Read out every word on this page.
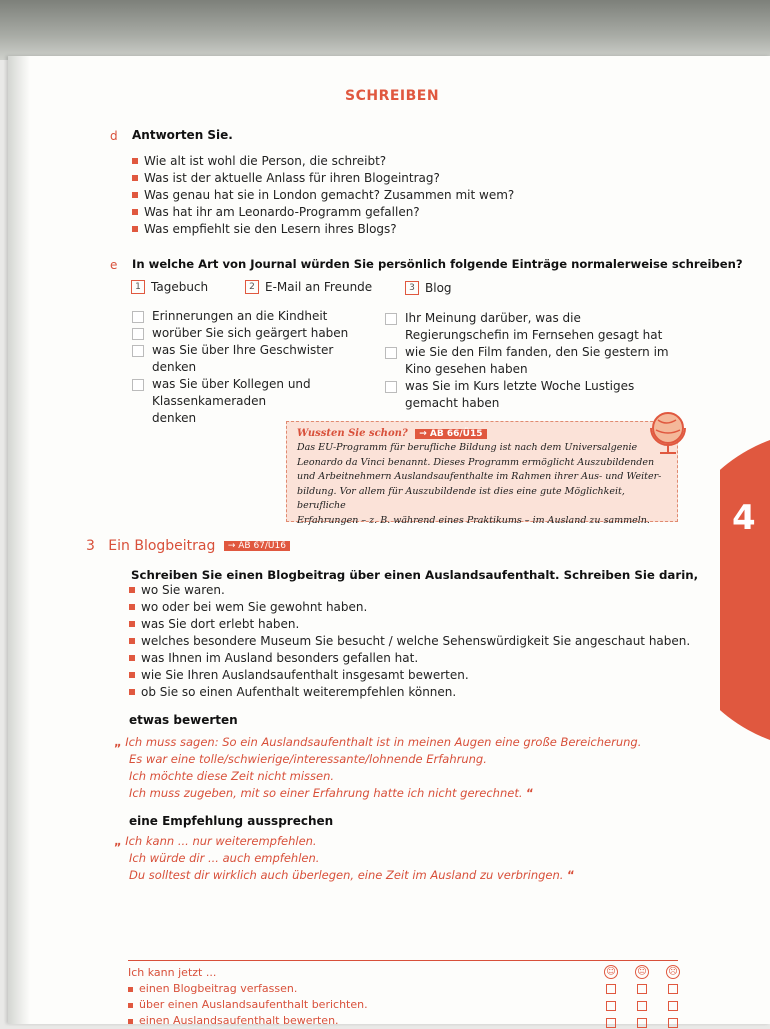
4
SCHREIBEN
d Antworten Sie.
Wie alt ist wohl die Person, die schreibt?
Was ist der aktuelle Anlass für ihren Blogeintrag?
Was genau hat sie in London gemacht? Zusammen mit wem?
Was hat ihr am Leonardo-Programm gefallen?
Was empfiehlt sie den Lesern ihres Blogs?
e In welche Art von Journal würden Sie persönlich folgende Einträge normalerweise schreiben?
1 Tagebuch	2 E-Mail an Freunde	3 Blog
Erinnerungen an die Kindheit
worüber Sie sich geärgert haben
was Sie über Ihre Geschwister denken
was Sie über Kollegen und Klassenkameraden denken
Ihr Meinung darüber, was die Regierungschefin im Fernsehen gesagt hat
wie Sie den Film fanden, den Sie gestern im Kino gesehen haben
was Sie im Kurs letzte Woche Lustiges gemacht haben
Wussten Sie schon? → AB 66/Ü15
Das EU-Programm für berufliche Bildung ist nach dem Universalgenie
Leonardo da Vinci benannt. Dieses Programm ermöglicht Auszubildenden
und Arbeitnehmern Auslandsaufenthalte im Rahmen ihrer Aus- und Weiter-
bildung. Vor allem für Auszubildende ist dies eine gute Möglichkeit, berufliche
Erfahrungen – z. B. während eines Praktikums – im Ausland zu sammeln.
3 Ein Blogbeitrag → AB 67/Ü16
Schreiben Sie einen Blogbeitrag über einen Auslandsaufenthalt. Schreiben Sie darin,
wo Sie waren.
wo oder bei wem Sie gewohnt haben.
was Sie dort erlebt haben.
welches besondere Museum Sie besucht / welche Sehenswürdigkeit Sie angeschaut haben.
was Ihnen im Ausland besonders gefallen hat.
wie Sie Ihren Auslandsaufenthalt insgesamt bewerten.
ob Sie so einen Aufenthalt weiterempfehlen können.
etwas bewerten
„ Ich muss sagen: So ein Auslandsaufenthalt ist in meinen Augen eine große Bereicherung.
Es war eine tolle/schwierige/interessante/lohnende Erfahrung.
Ich möchte diese Zeit nicht missen.
Ich muss zugeben, mit so einer Erfahrung hatte ich nicht gerechnet. “
eine Empfehlung aussprechen
„ Ich kann ... nur weiterempfehlen.
Ich würde dir ... auch empfehlen.
Du solltest dir wirklich auch überlegen, eine Zeit im Ausland zu verbringen. “
Ich kann jetzt ...
einen Blogbeitrag verfassen.
über einen Auslandsaufenthalt berichten.
einen Auslandsaufenthalt bewerten.
☺ 😐 ☹
